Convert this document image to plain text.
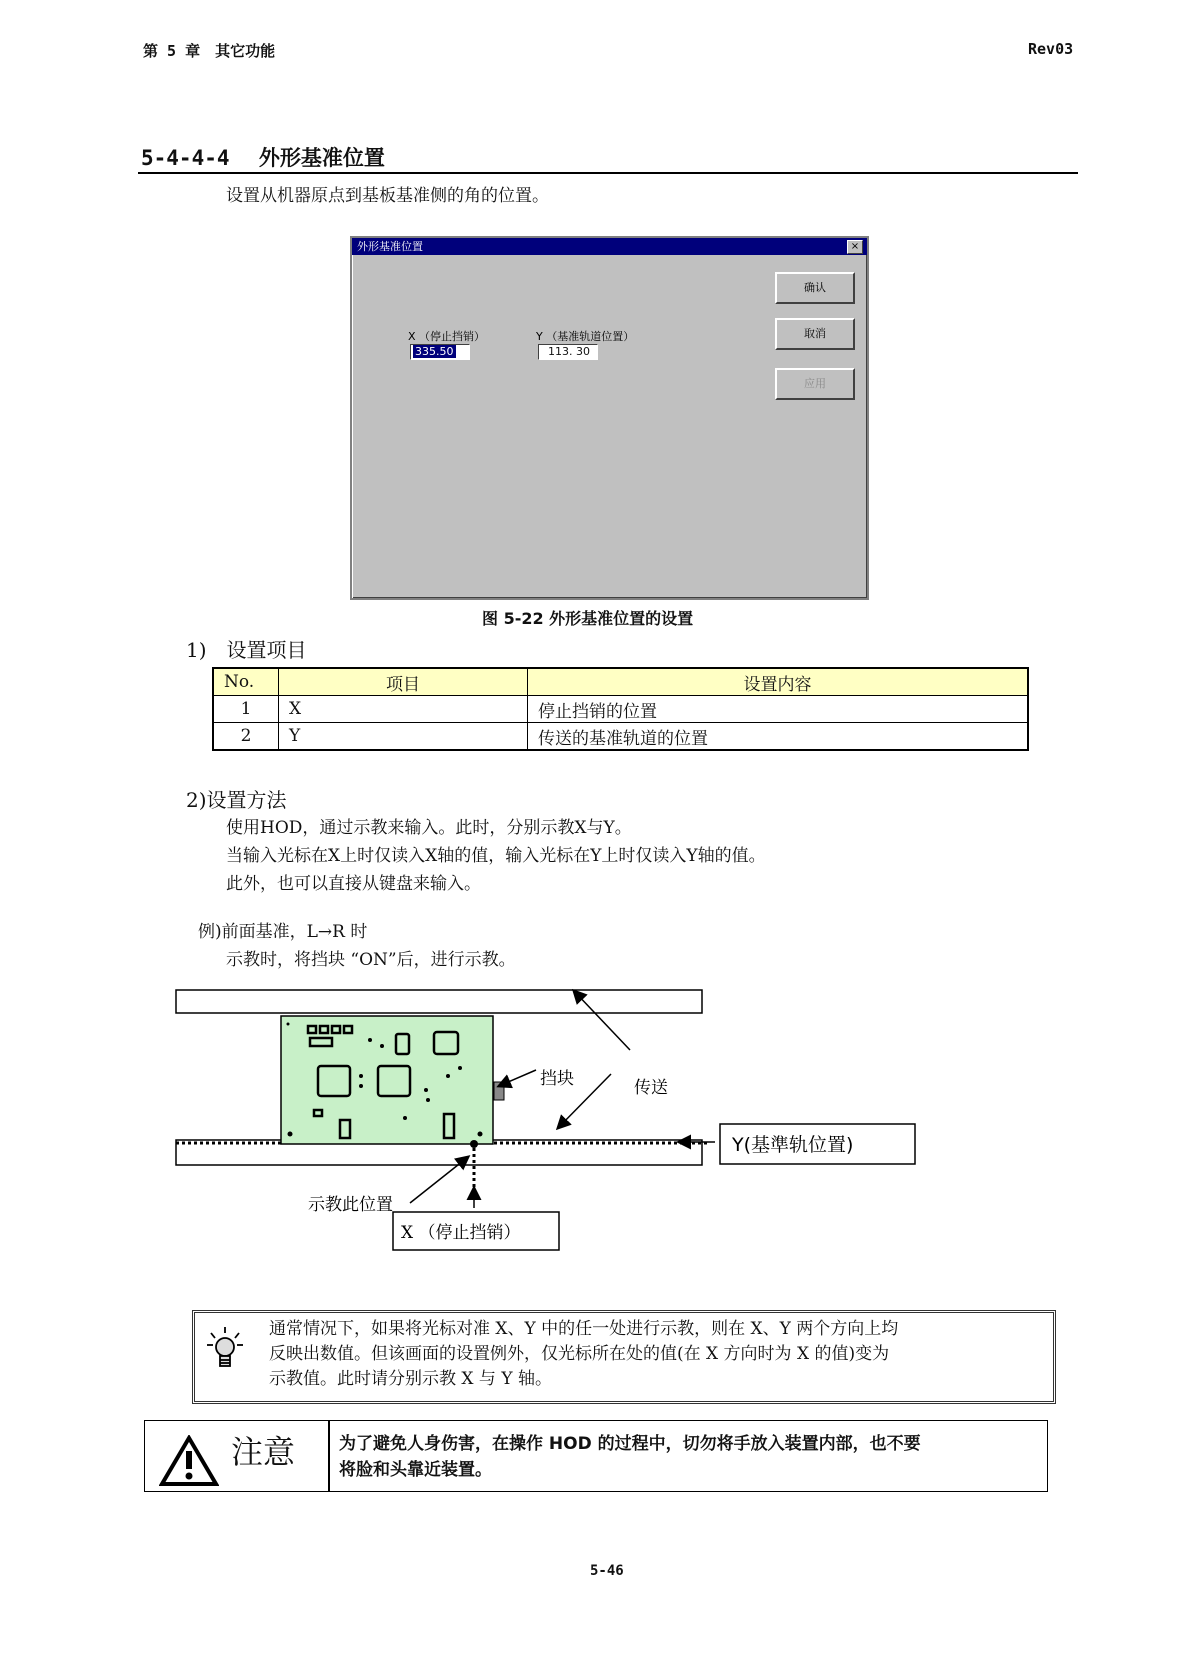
第 5 章　其它功能	Rev03
5-4-4-4 外形基准位置
设置从机器原点到基板基准侧的角的位置。
外形基准位置	×
X （停止挡销）
335.50
Y （基准轨道位置）
113. 30
确认
取消
应用
图 5-22 外形基准位置的设置
1)　设置项目
No.	项目	设置内容
1	X	停止挡销的位置
2	Y	传送的基准轨道的位置
2)设置方法
使用HOD，通过示教来输入。此时，分别示教X与Y。
当输入光标在X上时仅读入X轴的值，输入光标在Y上时仅读入Y轴的值。
此外，也可以直接从键盘来输入。
例)前面基准，L→R 时
示教时，将挡块 “ON”后，进行示教。
挡块	传送
Y(基準轨位置)
示教此位置
X （停止挡销）
通常情况下，如果将光标对准 X、Y 中的任一处进行示教，则在 X、Y 两个方向上均
反映出数值。但该画面的设置例外，仅光标所在处的值(在 X 方向时为 X 的值)变为
示教值。此时请分别示教 X 与 Y 轴。
注意	为了避免人身伤害，在操作 HOD 的过程中，切勿将手放入装置内部，也不要
将脸和头靠近装置。
5-46
